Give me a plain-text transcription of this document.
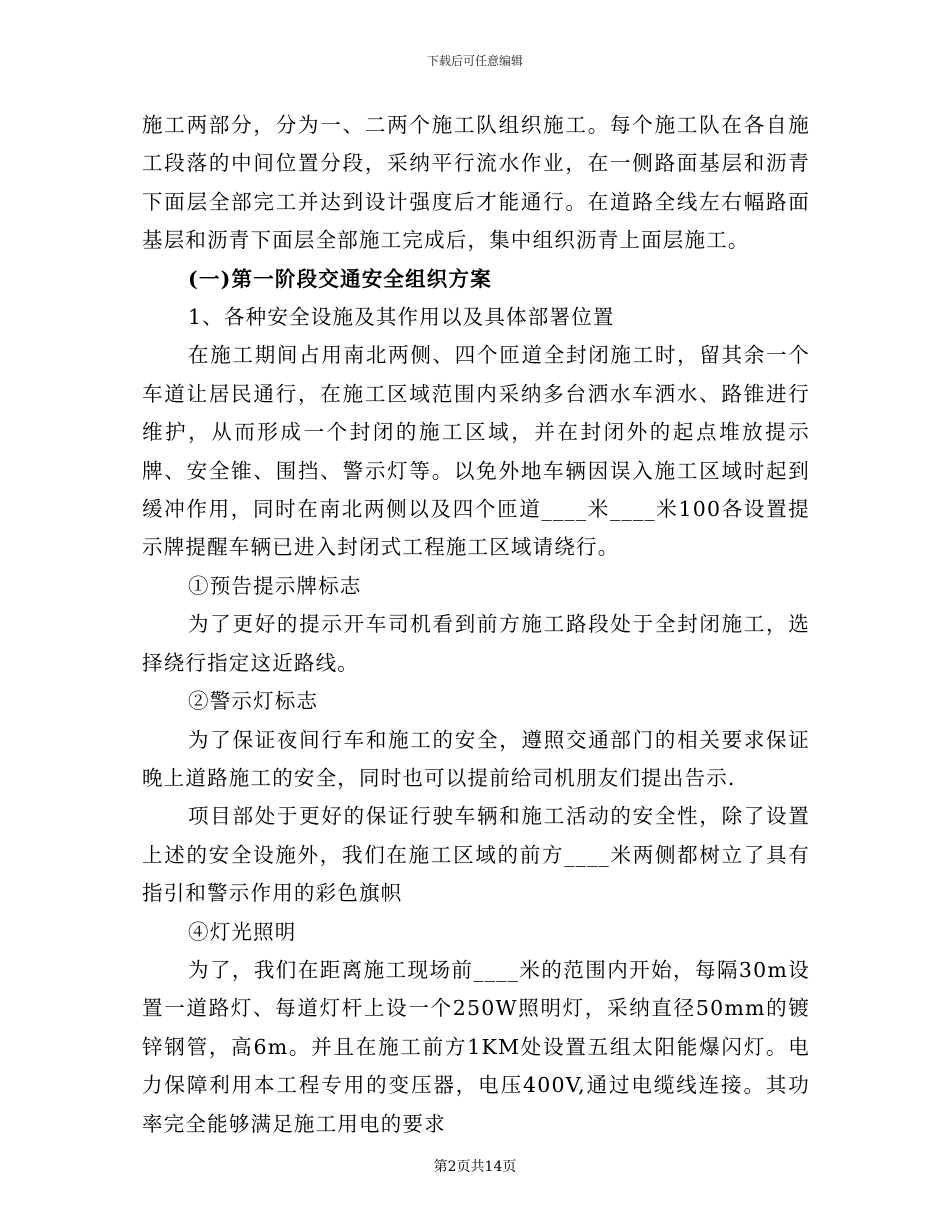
下载后可任意编辑

施工两部分，分为一、二两个施工队组织施工。每个施工队在各自施工段落的中间位置分段，采纳平行流水作业，在一侧路面基层和沥青下面层全部完工并达到设计强度后才能通行。在道路全线左右幅路面基层和沥青下面层全部施工完成后，集中组织沥青上面层施工。

(一)第一阶段交通安全组织方案

1、各种安全设施及其作用以及具体部署位置

在施工期间占用南北两侧、四个匝道全封闭施工时，留其余一个车道让居民通行，在施工区域范围内采纳多台洒水车洒水、路锥进行维护，从而形成一个封闭的施工区域，并在封闭外的起点堆放提示牌、安全锥、围挡、警示灯等。以免外地车辆因误入施工区域时起到缓冲作用，同时在南北两侧以及四个匝道____米____米100各设置提示牌提醒车辆已进入封闭式工程施工区域请绕行。

①预告提示牌标志

为了更好的提示开车司机看到前方施工路段处于全封闭施工，选择绕行指定这近路线。

②警示灯标志

为了保证夜间行车和施工的安全，遵照交通部门的相关要求保证晚上道路施工的安全，同时也可以提前给司机朋友们提出告示.

项目部处于更好的保证行驶车辆和施工活动的安全性，除了设置上述的安全设施外，我们在施工区域的前方____米两侧都树立了具有指引和警示作用的彩色旗帜

④灯光照明

为了，我们在距离施工现场前____米的范围内开始，每隔30m设置一道路灯、每道灯杆上设一个250W照明灯，采纳直径50mm的镀锌钢管，高6m。并且在施工前方1KM处设置五组太阳能爆闪灯。电力保障利用本工程专用的变压器，电压400V,通过电缆线连接。其功率完全能够满足施工用电的要求

第2页共14页
